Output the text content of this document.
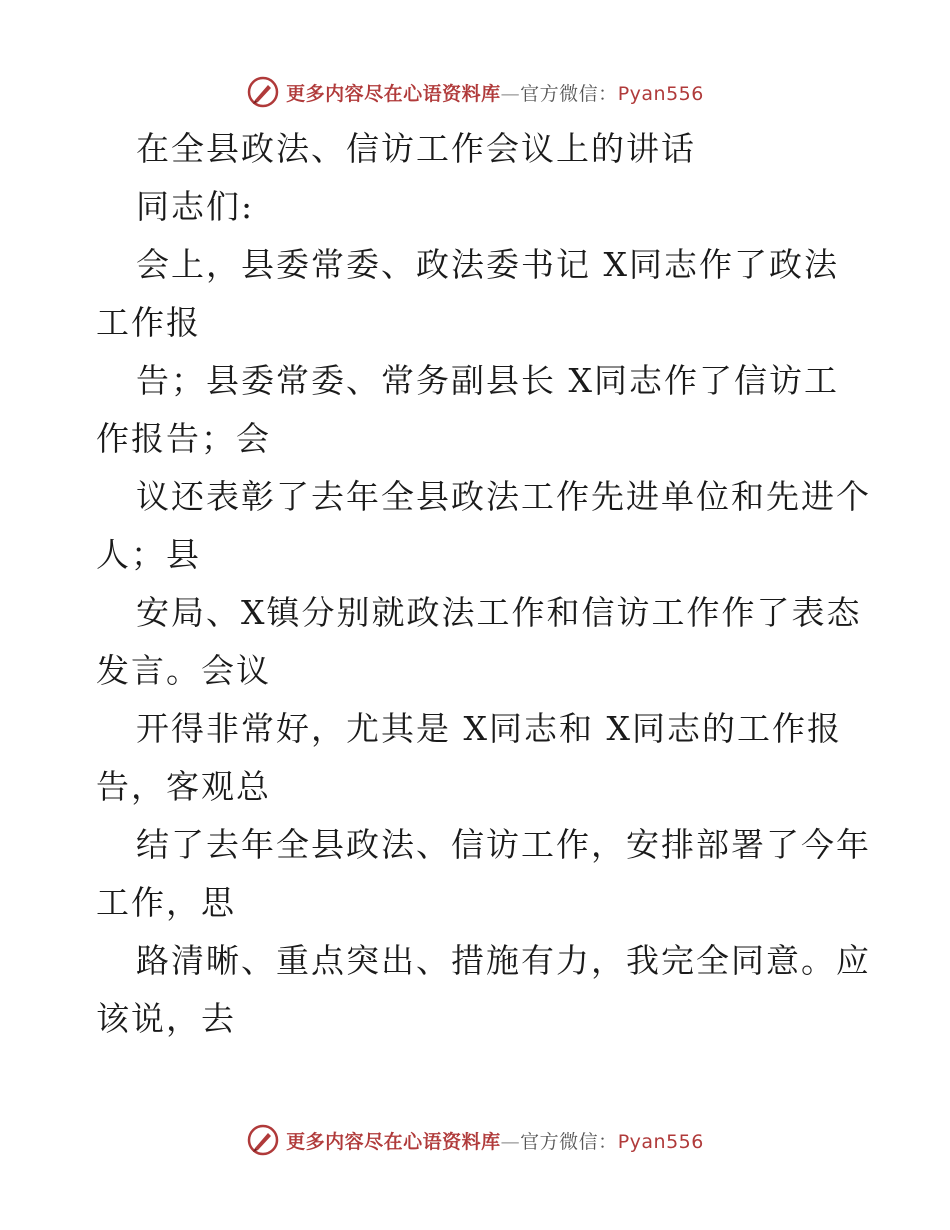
更多内容尽在心语资料库—官方微信：Pyan556
在全县政法、信访工作会议上的讲话
同志们:
会上，县委常委、政法委书记 X同志作了政法
工作报
告；县委常委、常务副县长 X同志作了信访工
作报告；会
议还表彰了去年全县政法工作先进单位和先进个
人；县
安局、X镇分别就政法工作和信访工作作了表态
发言。会议
开得非常好，尤其是 X同志和 X同志的工作报
告，客观总
结了去年全县政法、信访工作，安排部署了今年
工作，思
路清晰、重点突出、措施有力，我完全同意。应
该说，去
更多内容尽在心语资料库—官方微信：Pyan556
